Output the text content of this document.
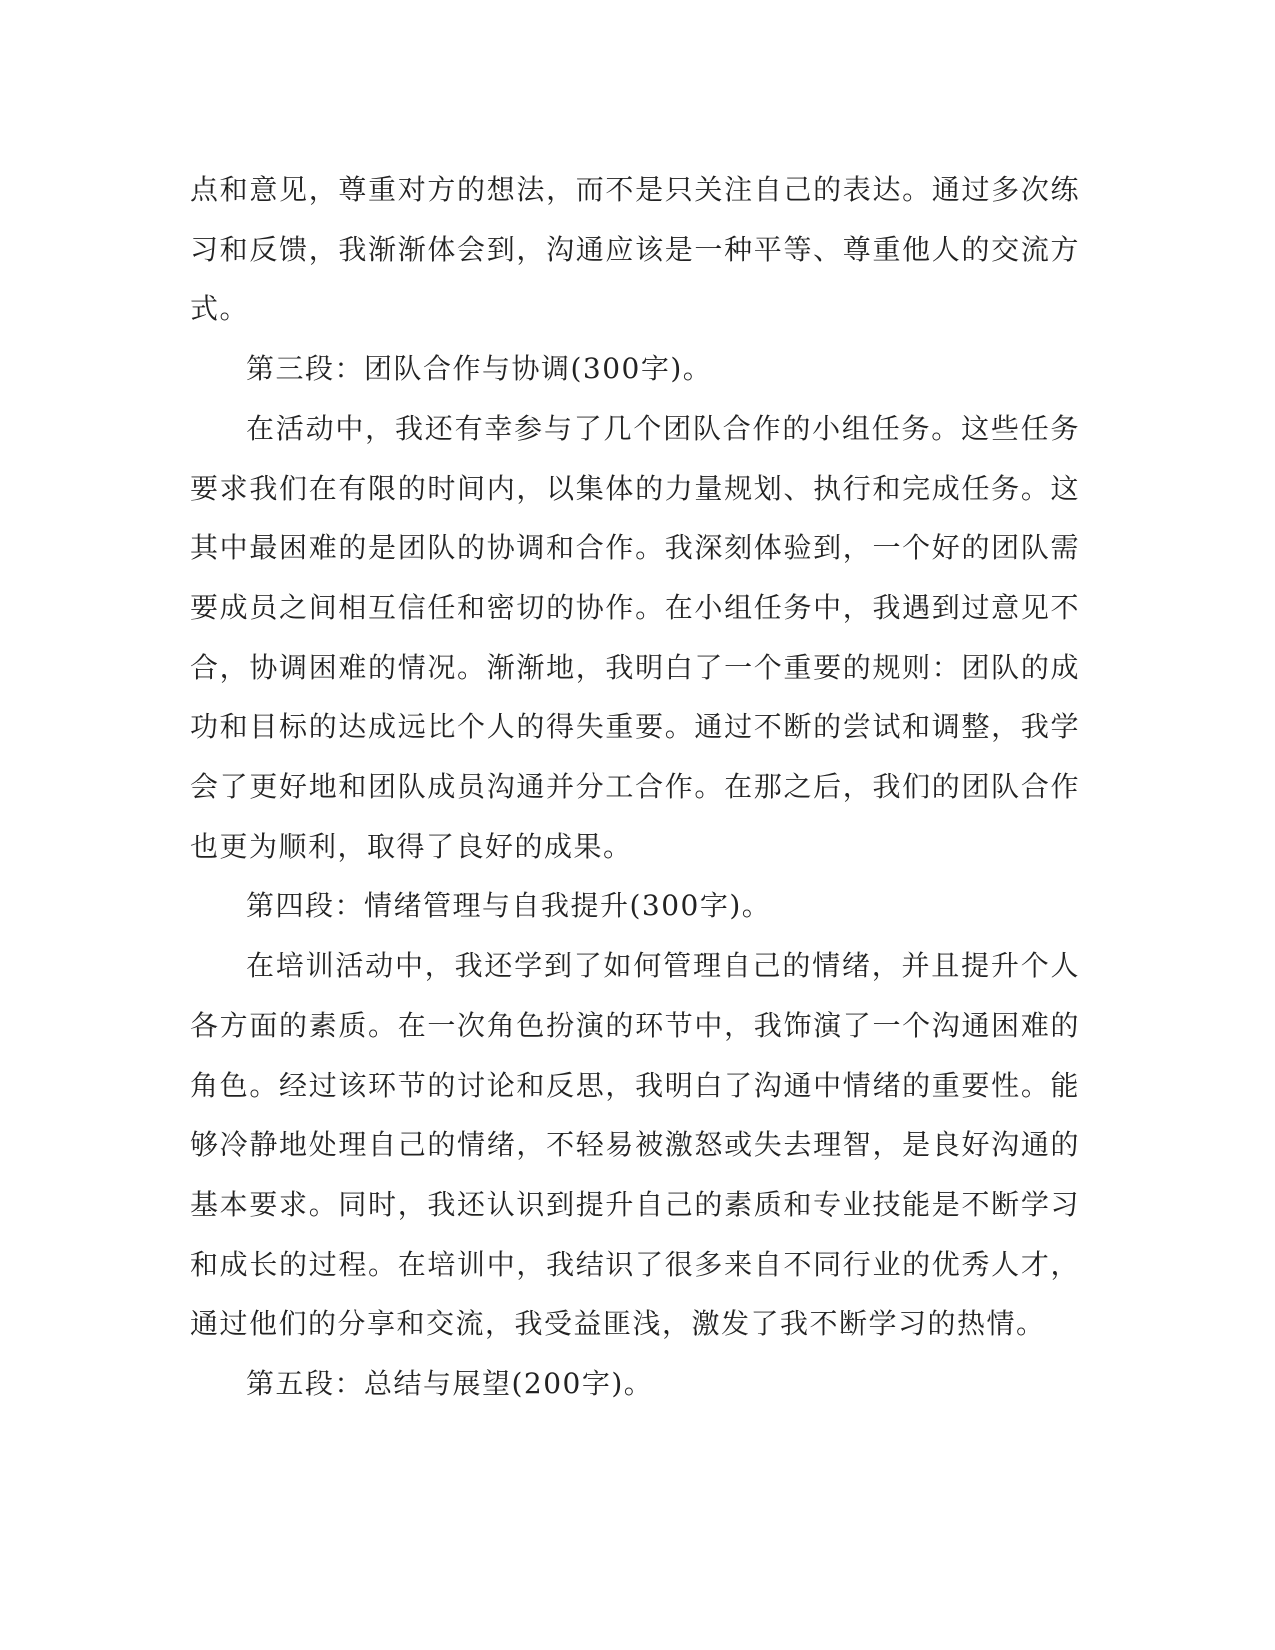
点和意见，尊重对方的想法，而不是只关注自己的表达。通过多次练习和反馈，我渐渐体会到，沟通应该是一种平等、尊重他人的交流方式。

第三段：团队合作与协调(300字)。

在活动中，我还有幸参与了几个团队合作的小组任务。这些任务要求我们在有限的时间内，以集体的力量规划、执行和完成任务。这其中最困难的是团队的协调和合作。我深刻体验到，一个好的团队需要成员之间相互信任和密切的协作。在小组任务中，我遇到过意见不合，协调困难的情况。渐渐地，我明白了一个重要的规则：团队的成功和目标的达成远比个人的得失重要。通过不断的尝试和调整，我学会了更好地和团队成员沟通并分工合作。在那之后，我们的团队合作也更为顺利，取得了良好的成果。

第四段：情绪管理与自我提升(300字)。

在培训活动中，我还学到了如何管理自己的情绪，并且提升个人各方面的素质。在一次角色扮演的环节中，我饰演了一个沟通困难的角色。经过该环节的讨论和反思，我明白了沟通中情绪的重要性。能够冷静地处理自己的情绪，不轻易被激怒或失去理智，是良好沟通的基本要求。同时，我还认识到提升自己的素质和专业技能是不断学习和成长的过程。在培训中，我结识了很多来自不同行业的优秀人才，通过他们的分享和交流，我受益匪浅，激发了我不断学习的热情。

第五段：总结与展望(200字)。
